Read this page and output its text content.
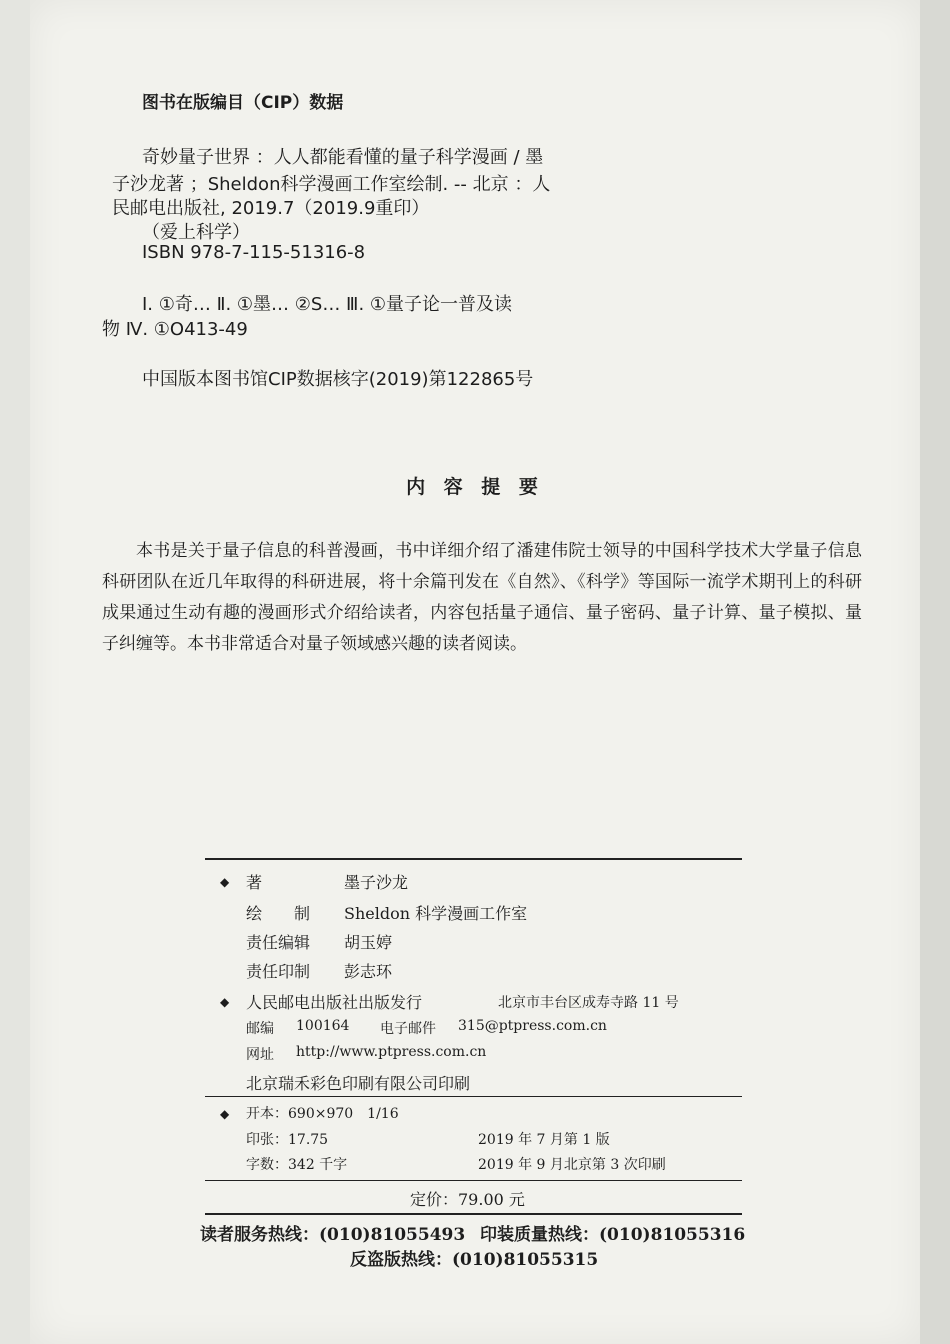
图书在版编目（CIP）数据
奇妙量子世界 ：人人都能看懂的量子科学漫画 / 墨
子沙龙著 ；Sheldon科学漫画工作室绘制. -- 北京 ：人
民邮电出版社, 2019.7（2019.9重印）
（爱上科学）
ISBN 978-7-115-51316-8
Ⅰ. ①奇… Ⅱ. ①墨… ②S… Ⅲ. ①量子论一普及读
物 Ⅳ. ①O413-49
中国版本图书馆CIP数据核字(2019)第122865号
内 容 提 要
本书是关于量子信息的科普漫画，书中详细介绍了潘建伟院士领导的中国科学技术大学量子信息科研团队在近几年取得的科研进展，将十余篇刊发在《自然》、《科学》等国际一流学术期刊上的科研成果通过生动有趣的漫画形式介绍给读者，内容包括量子通信、量子密码、量子计算、量子模拟、量子纠缠等。本书非常适合对量子领域感兴趣的读者阅读。
◆ 著	墨子沙龙
绘　　制 Sheldon 科学漫画工作室
责任编辑 胡玉婷
责任印制 彭志环
◆ 人民邮电出版社出版发行	北京市丰台区成寿寺路 11 号
邮编 100164 电子邮件 315@ptpress.com.cn
网址 http://www.ptpress.com.cn
北京瑞禾彩色印刷有限公司印刷
◆ 开本：690×970　1/16
印张：17.75	2019 年 7 月第 1 版
字数：342 千字	2019 年 9 月北京第 3 次印刷
定价：79.00 元
读者服务热线：(010)81055493 印装质量热线：(010)81055316
反盗版热线：(010)81055315
